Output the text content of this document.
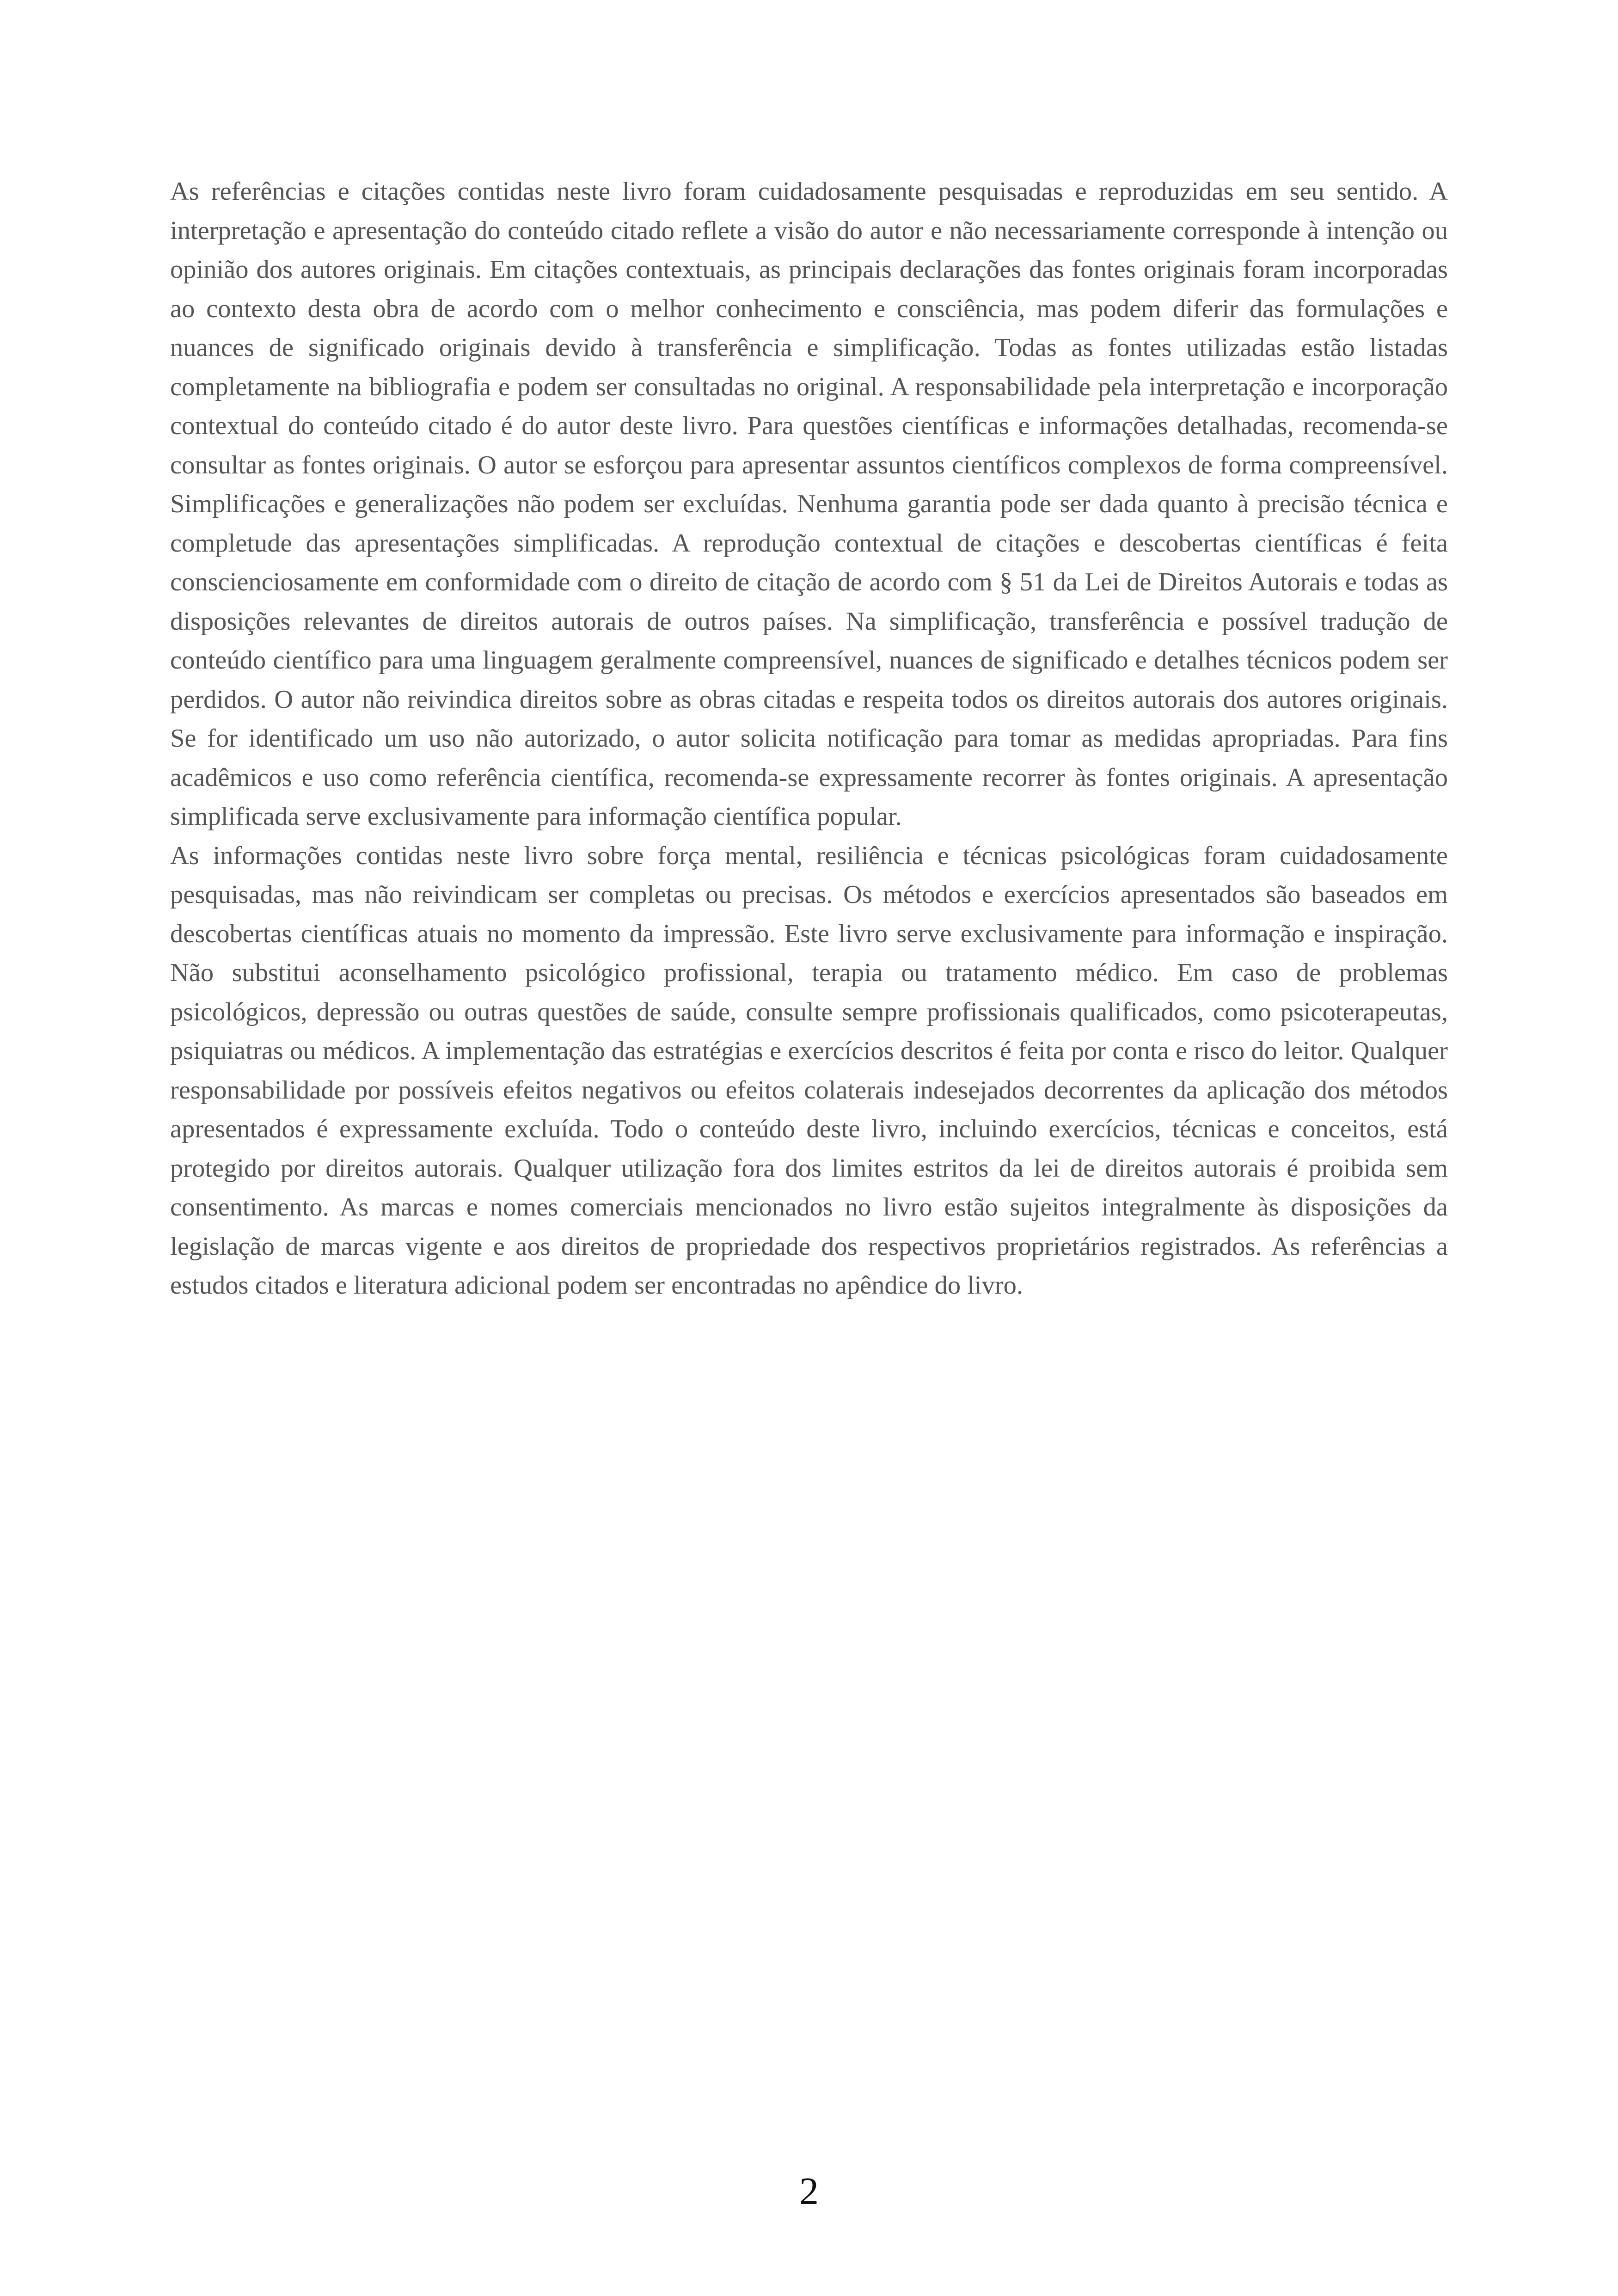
As referências e citações contidas neste livro foram cuidadosamente pesquisadas e reproduzidas em seu sentido. A interpretação e apresentação do conteúdo citado reflete a visão do autor e não necessariamente corresponde à intenção ou opinião dos autores originais. Em citações contextuais, as principais declarações das fontes originais foram incorporadas ao contexto desta obra de acordo com o melhor conhecimento e consciência, mas podem diferir das formulações e nuances de significado originais devido à transferência e simplificação. Todas as fontes utilizadas estão listadas completamente na bibliografia e podem ser consultadas no original. A responsabilidade pela interpretação e incorporação contextual do conteúdo citado é do autor deste livro. Para questões científicas e informações detalhadas, recomenda-se consultar as fontes originais. O autor se esforçou para apresentar assuntos científicos complexos de forma compreensível. Simplificações e generalizações não podem ser excluídas. Nenhuma garantia pode ser dada quanto à precisão técnica e completude das apresentações simplificadas. A reprodução contextual de citações e descobertas científicas é feita conscienciosamente em conformidade com o direito de citação de acordo com § 51 da Lei de Direitos Autorais e todas as disposições relevantes de direitos autorais de outros países. Na simplificação, transferência e possível tradução de conteúdo científico para uma linguagem geralmente compreensível, nuances de significado e detalhes técnicos podem ser perdidos. O autor não reivindica direitos sobre as obras citadas e respeita todos os direitos autorais dos autores originais. Se for identificado um uso não autorizado, o autor solicita notificação para tomar as medidas apropriadas. Para fins acadêmicos e uso como referência científica, recomenda-se expressamente recorrer às fontes originais. A apresentação simplificada serve exclusivamente para informação científica popular.

As informações contidas neste livro sobre força mental, resiliência e técnicas psicológicas foram cuidadosamente pesquisadas, mas não reivindicam ser completas ou precisas. Os métodos e exercícios apresentados são baseados em descobertas científicas atuais no momento da impressão. Este livro serve exclusivamente para informação e inspiração. Não substitui aconselhamento psicológico profissional, terapia ou tratamento médico. Em caso de problemas psicológicos, depressão ou outras questões de saúde, consulte sempre profissionais qualificados, como psicoterapeutas, psiquiatras ou médicos. A implementação das estratégias e exercícios descritos é feita por conta e risco do leitor. Qualquer responsabilidade por possíveis efeitos negativos ou efeitos colaterais indesejados decorrentes da aplicação dos métodos apresentados é expressamente excluída. Todo o conteúdo deste livro, incluindo exercícios, técnicas e conceitos, está protegido por direitos autorais. Qualquer utilização fora dos limites estritos da lei de direitos autorais é proibida sem consentimento. As marcas e nomes comerciais mencionados no livro estão sujeitos integralmente às disposições da legislação de marcas vigente e aos direitos de propriedade dos respectivos proprietários registrados. As referências a estudos citados e literatura adicional podem ser encontradas no apêndice do livro.

2
